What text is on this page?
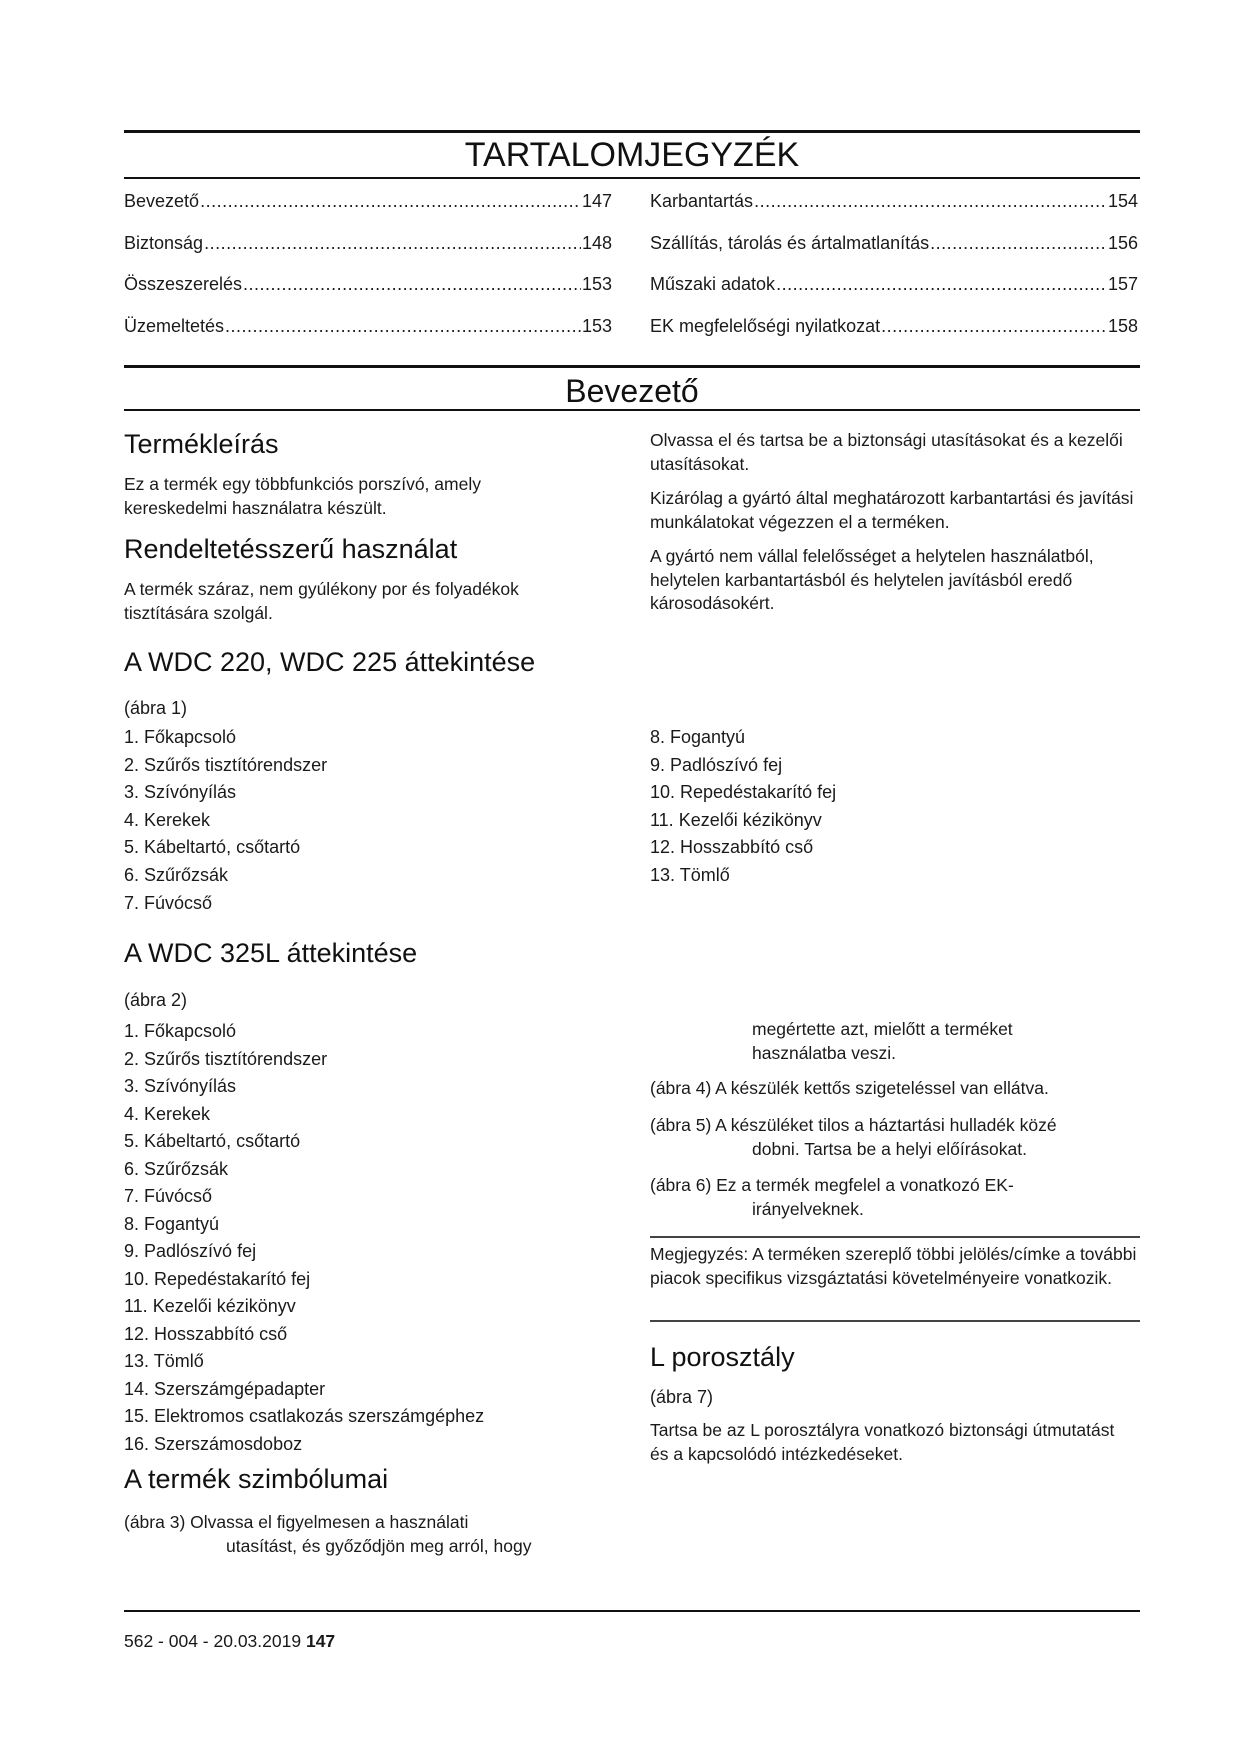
TARTALOMJEGYZÉK
Bevezető .....	147
Biztonság .....	148
Összeszerelés .....	153
Üzemeltetés .....	153
Karbantartás .....	154
Szállítás, tárolás és ártalmatlanítás .....	156
Műszaki adatok .....	157
EK megfelelőségi nyilatkozat .....	158
Bevezető
Termékleírás

Ez a termék egy többfunkciós porszívó, amely kereskedelmi használatra készült.

Rendeltetésszerű használat

A termék száraz, nem gyúlékony por és folyadékok tisztítására szolgál.

Olvassa el és tartsa be a biztonsági utasításokat és a kezelői utasításokat.

Kizárólag a gyártó által meghatározott karbantartási és javítási munkálatokat végezzen el a terméken.

A gyártó nem vállal felelősséget a helytelen használatból, helytelen karbantartásból és helytelen javításból eredő károsodásokért.

A WDC 220, WDC 225 áttekintése

(ábra 1)

1. Főkapcsoló
2. Szűrős tisztítórendszer
3. Szívónyílás
4. Kerekek
5. Kábeltartó, csőtartó
6. Szűrőzsák
7. Fúvócső
8. Fogantyú
9. Padlószívó fej
10. Repedéstakarító fej
11. Kezelői kézikönyv
12. Hosszabbító cső
13. Tömlő
A WDC 325L áttekintése

(ábra 2)

1. Főkapcsoló
2. Szűrős tisztítórendszer
3. Szívónyílás
4. Kerekek
5. Kábeltartó, csőtartó
6. Szűrőzsák
7. Fúvócső
8. Fogantyú
9. Padlószívó fej
10. Repedéstakarító fej
11. Kezelői kézikönyv
12. Hosszabbító cső
13. Tömlő
14. Szerszámgépadapter
15. Elektromos csatlakozás szerszámgéphez
16. Szerszámosdoboz
A termék szimbólumai
(ábra 3) Olvassa el figyelmesen a használati
utasítást, és győződjön meg arról, hogy
megértette azt, mielőtt a terméket
használatba veszi.

(ábra 4) A készülék kettős szigeteléssel van ellátva.

(ábra 5) A készüléket tilos a háztartási hulladék közé
dobni. Tartsa be a helyi előírásokat.
(ábra 6) Ez a termék megfelel a vonatkozó EK-
irányelveknek.

Megjegyzés: A terméken szereplő többi jelölés/címke a további piacok specifikus vizsgáztatási követelményeire vonatkozik.

L porosztály

(ábra 7)

Tartsa be az L porosztályra vonatkozó biztonsági útmutatást és a kapcsolódó intézkedéseket.

562 - 004 - 20.03.2019 147
